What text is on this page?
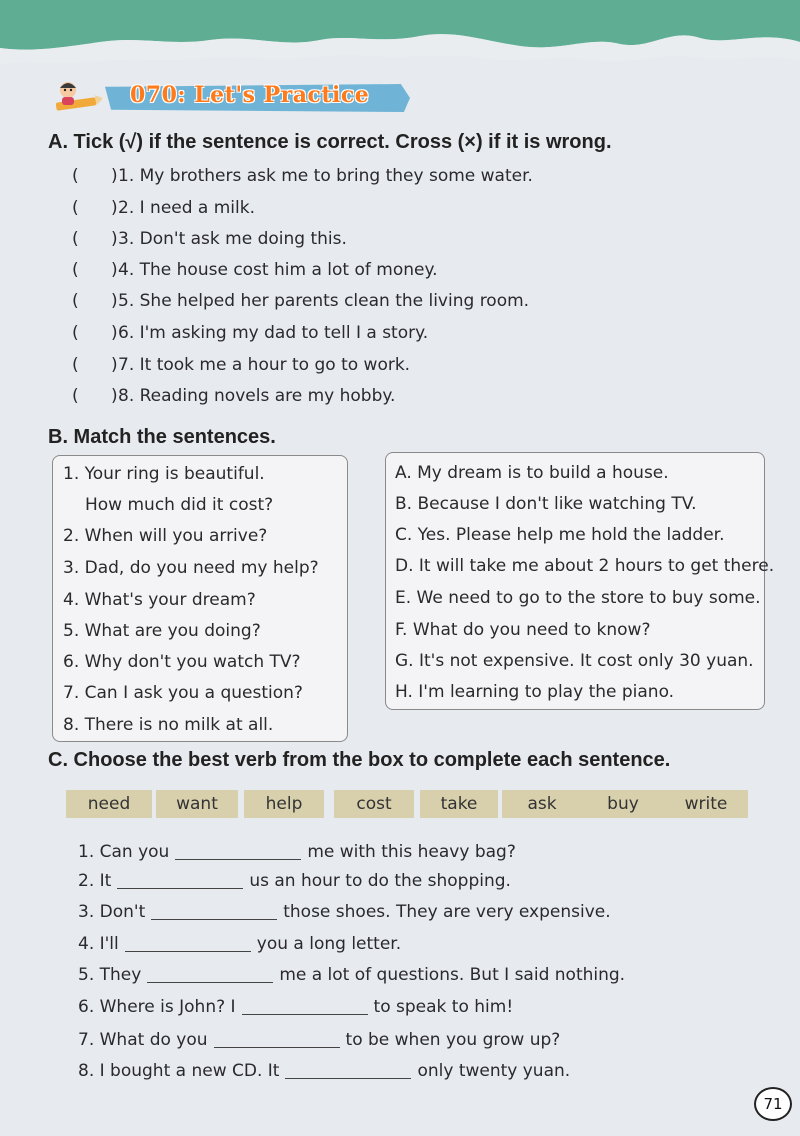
070: Let's Practice
A. Tick (√) if the sentence is correct. Cross (×) if it is wrong.
(      )1. My brothers ask me to bring they some water.
(      )2. I need a milk.
(      )3. Don't ask me doing this.
(      )4. The house cost him a lot of money.
(      )5. She helped her parents clean the living room.
(      )6. I'm asking my dad to tell I a story.
(      )7. It took me a hour to go to work.
(      )8. Reading novels are my hobby.
B. Match the sentences.
1. Your ring is beautiful.
How much did it cost?
2. When will you arrive?
3. Dad, do you need my help?
4. What's your dream?
5. What are you doing?
6. Why don't you watch TV?
7. Can I ask you a question?
8. There is no milk at all.
A. My dream is to build a house.
B. Because I don't like watching TV.
C. Yes. Please help me hold the ladder.
D. It will take me about 2 hours to get there.
E. We need to go to the store to buy some.
F. What do you need to know?
G. It's not expensive. It cost only 30 yuan.
H. I'm learning to play the piano.
C. Choose the best verb from the box to complete each sentence.
need	want	help	cost	take	ask	buy	write
1. Can you	me with this heavy bag?
2. It	us an hour to do the shopping.
3. Don't	those shoes. They are very expensive.
4. I'll	you a long letter.
5. They	me a lot of questions. But I said nothing.
6. Where is John? I	to speak to him!
7. What do you	to be when you grow up?
8. I bought a new CD. It	only twenty yuan.
71
